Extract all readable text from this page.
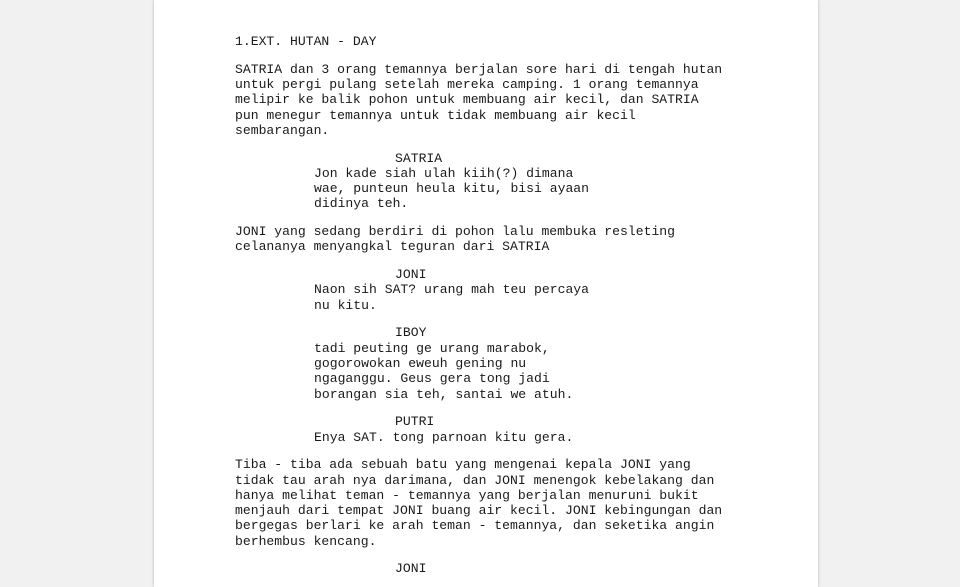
1.EXT. HUTAN - DAY
SATRIA dan 3 orang temannya berjalan sore hari di tengah hutan
untuk pergi pulang setelah mereka camping. 1 orang temannya
melipir ke balik pohon untuk membuang air kecil, dan SATRIA
pun menegur temannya untuk tidak membuang air kecil
sembarangan.
SATRIA
Jon kade siah ulah kiih(?) dimana
wae, punteun heula kitu, bisi ayaan
didinya teh.
JONI yang sedang berdiri di pohon lalu membuka resleting
celananya menyangkal teguran dari SATRIA
JONI
Naon sih SAT? urang mah teu percaya
nu kitu.
IBOY
tadi peuting ge urang marabok,
gogorowokan eweuh gening nu
ngaganggu. Geus gera tong jadi
borangan sia teh, santai we atuh.
PUTRI
Enya SAT. tong parnoan kitu gera.
Tiba - tiba ada sebuah batu yang mengenai kepala JONI yang
tidak tau arah nya darimana, dan JONI menengok kebelakang dan
hanya melihat teman - temannya yang berjalan menuruni bukit
menjauh dari tempat JONI buang air kecil. JONI kebingungan dan
bergegas berlari ke arah teman - temannya, dan seketika angin
berhembus kencang.
JONI
